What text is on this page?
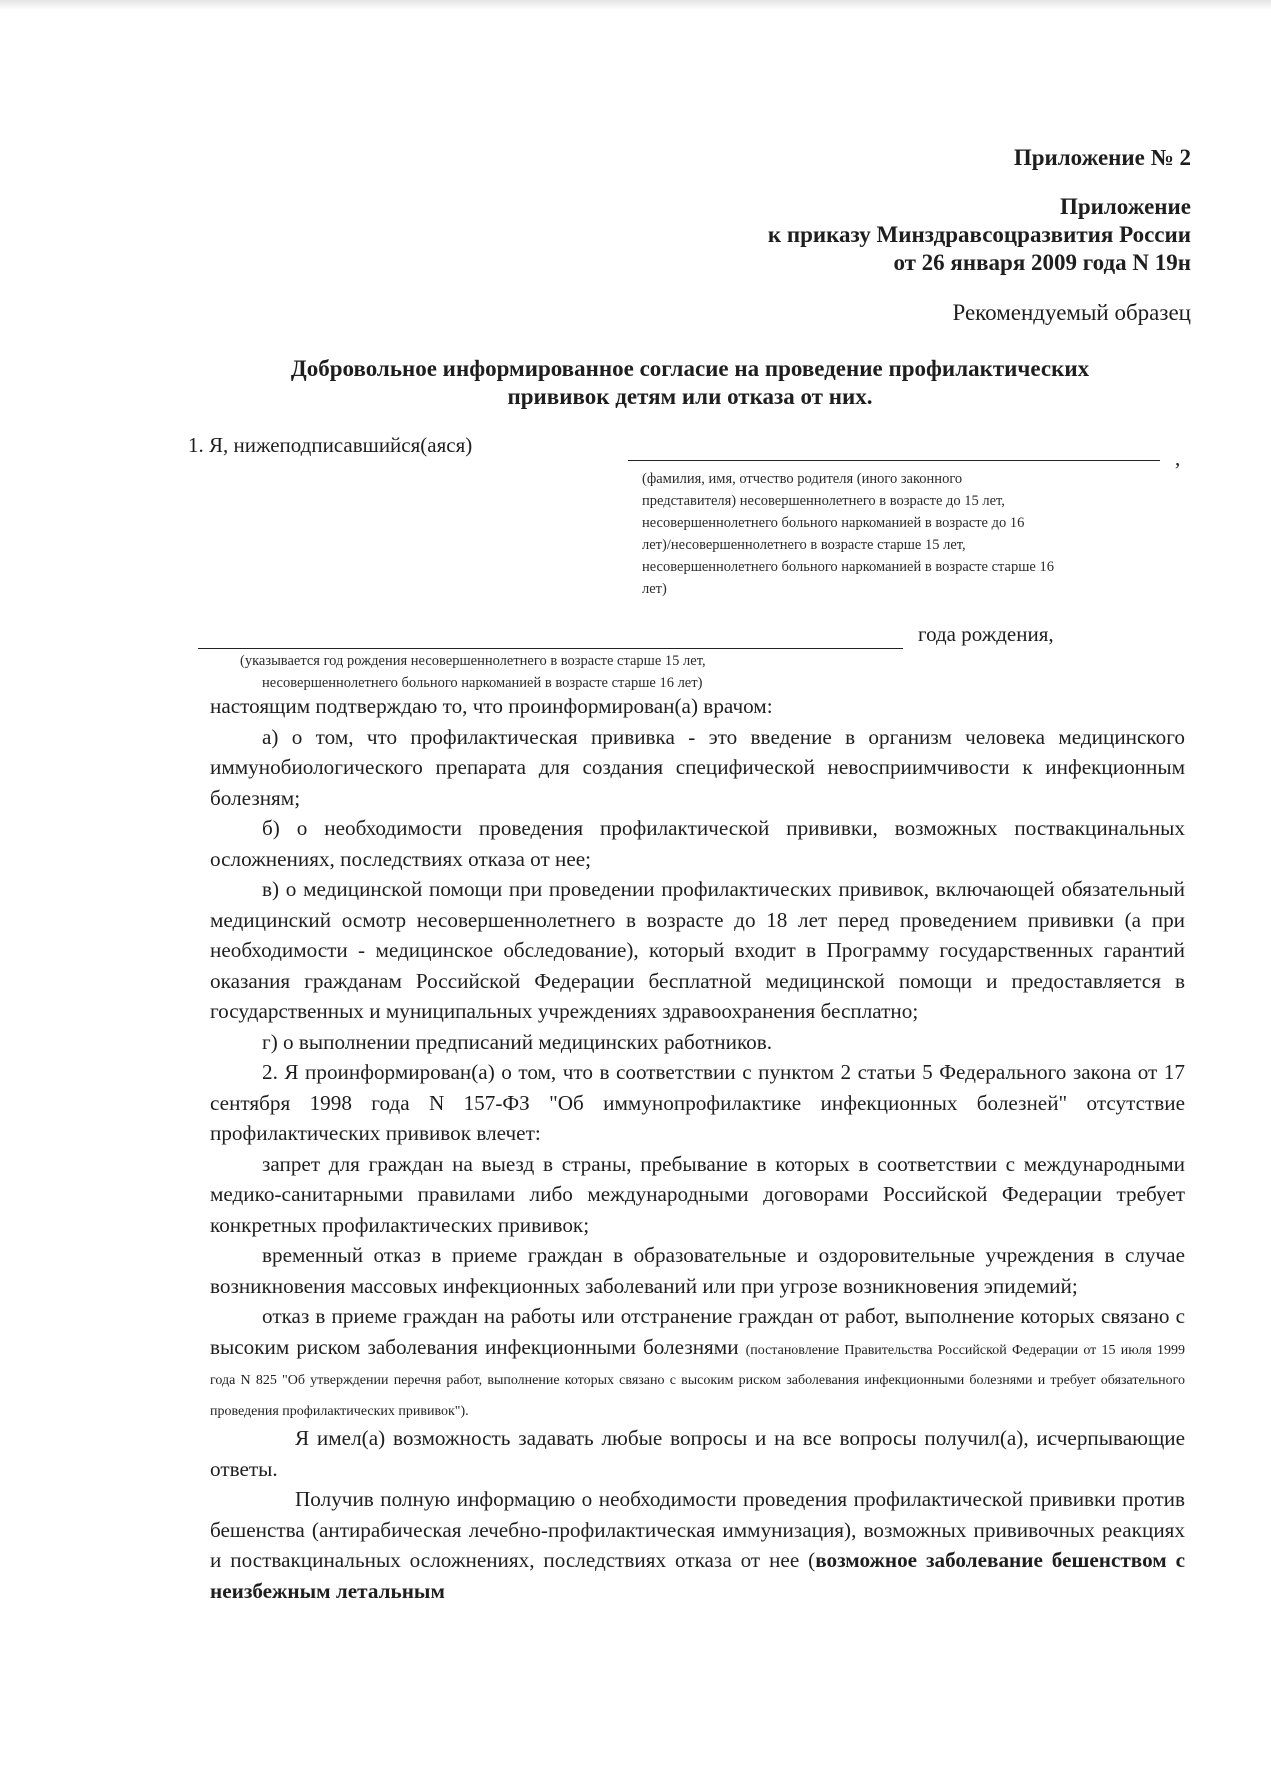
Приложение № 2
Приложение
к приказу Минздравсоцразвития России
от 26 января 2009 года N 19н
Рекомендуемый образец
Добровольное информированное согласие на проведение профилактических
прививок детям или отказа от них.
1. Я, нижеподписавшийся(аяся)
,
(фамилия, имя, отчество родителя (иного законного
представителя) несовершеннолетнего в возрасте до 15 лет,
несовершеннолетнего больного наркоманией в возрасте до 16
лет)/несовершеннолетнего в возрасте старше 15 лет,
несовершеннолетнего больного наркоманией в возрасте старше 16
лет)
года рождения,
(указывается год рождения несовершеннолетнего в возрасте старше 15 лет,
несовершеннолетнего больного наркоманией в возрасте старше 16 лет)

настоящим подтверждаю то, что проинформирован(а) врачом:

а) о том, что профилактическая прививка - это введение в организм человека медицинского иммунобиологического препарата для создания специфической невосприимчивости к инфекционным болезням;

б) о необходимости проведения профилактической прививки, возможных поствакцинальных осложнениях, последствиях отказа от нее;

в) о медицинской помощи при проведении профилактических прививок, включающей обязательный медицинский осмотр несовершеннолетнего в возрасте до 18 лет перед проведением прививки (а при необходимости - медицинское обследование), который входит в Программу государственных гарантий оказания гражданам Российской Федерации бесплатной медицинской помощи и предоставляется в государственных и муниципальных учреждениях здравоохранения бесплатно;

г) о выполнении предписаний медицинских работников.

2. Я проинформирован(а) о том, что в соответствии с пунктом 2 статьи 5 Федерального закона от 17 сентября 1998 года N 157-ФЗ "Об иммунопрофилактике инфекционных болезней" отсутствие профилактических прививок влечет:

запрет для граждан на выезд в страны, пребывание в которых в соответствии с международными медико-санитарными правилами либо международными договорами Российской Федерации требует конкретных профилактических прививок;

временный отказ в приеме граждан в образовательные и оздоровительные учреждения в случае возникновения массовых инфекционных заболеваний или при угрозе возникновения эпидемий;

отказ в приеме граждан на работы или отстранение граждан от работ, выполнение которых связано с высоким риском заболевания инфекционными болезнями (постановление Правительства Российской Федерации от 15 июля 1999 года N 825 "Об утверждении перечня работ, выполнение которых связано с высоким риском заболевания инфекционными болезнями и требует обязательного проведения профилактических прививок").

Я имел(а) возможность задавать любые вопросы и на все вопросы получил(а), исчерпывающие ответы.

Получив полную информацию о необходимости проведения профилактической прививки против бешенства (антирабическая лечебно-профилактическая иммунизация), возможных прививочных реакциях и поствакцинальных осложнениях, последствиях отказа от нее (возможное заболевание бешенством с неизбежным летальным
